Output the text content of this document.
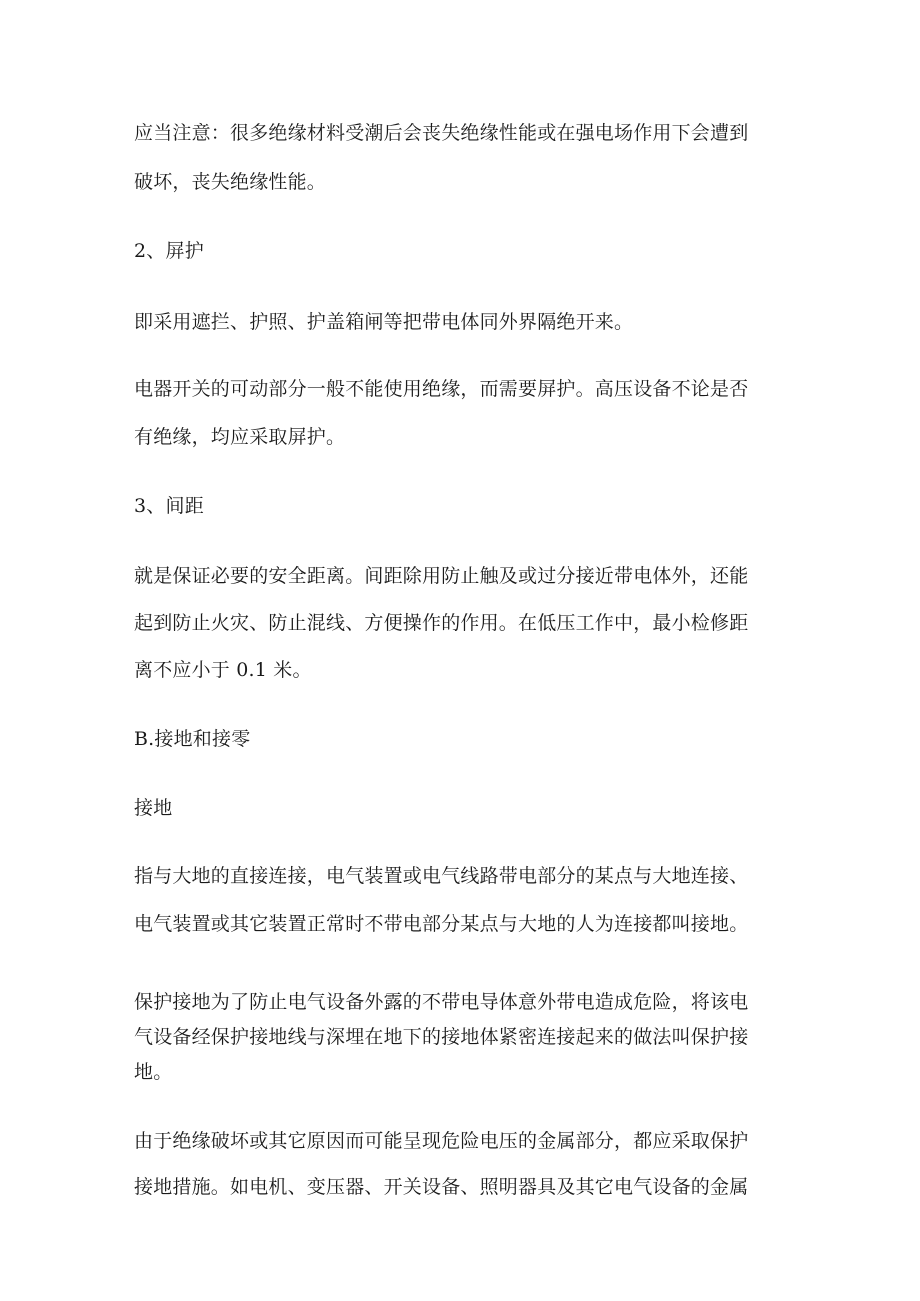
应当注意：很多绝缘材料受潮后会丧失绝缘性能或在强电场作用下会遭到
破坏，丧失绝缘性能。
2、屏护
即采用遮拦、护照、护盖箱闸等把带电体同外界隔绝开来。
电器开关的可动部分一般不能使用绝缘，而需要屏护。高压设备不论是否
有绝缘，均应采取屏护。
3、间距
就是保证必要的安全距离。间距除用防止触及或过分接近带电体外，还能
起到防止火灾、防止混线、方便操作的作用。在低压工作中，最小检修距
离不应小于 0.1 米。
B.接地和接零
接地
指与大地的直接连接，电气装置或电气线路带电部分的某点与大地连接、
电气装置或其它装置正常时不带电部分某点与大地的人为连接都叫接地。
保护接地为了防止电气设备外露的不带电导体意外带电造成危险，将该电
气设备经保护接地线与深埋在地下的接地体紧密连接起来的做法叫保护接
地。
由于绝缘破坏或其它原因而可能呈现危险电压的金属部分，都应采取保护
接地措施。如电机、变压器、开关设备、照明器具及其它电气设备的金属
